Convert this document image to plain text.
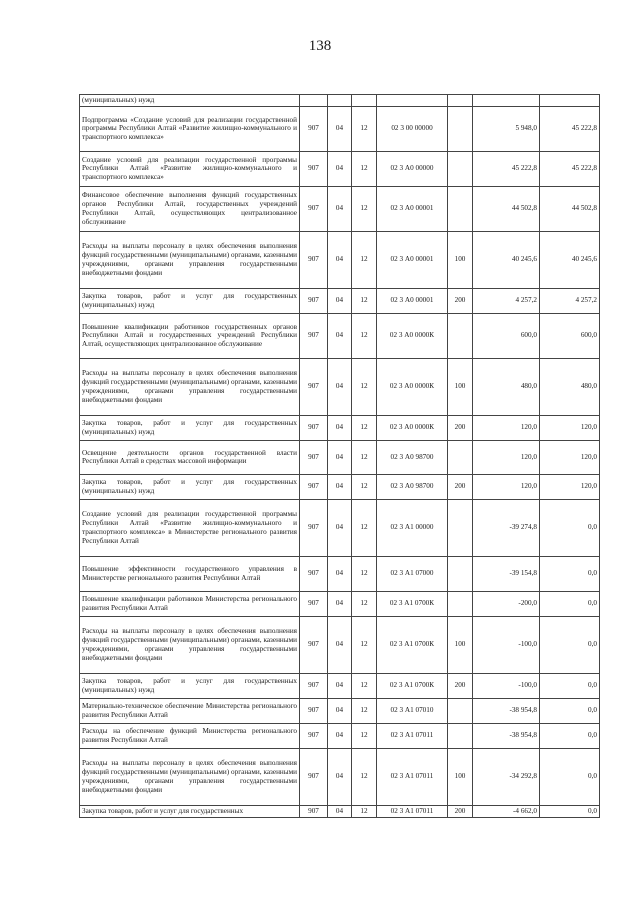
138
(муниципальных) нужд							
Подпрограмма «Создание условий для реализации государственной программы Республики Алтай «Развитие жилищно-коммунального и транспортного комплекса»	907	04	12	02 3 00 00000		5 948,0	45 222,8
Создание условий для реализации государственной программы Республики Алтай «Развитие жилищно-коммунального и транспортного комплекса»	907	04	12	02 3 А0 00000		45 222,8	45 222,8
Финансовое обеспечение выполнения функций государственных органов Республики Алтай, государственных учреждений Республики Алтай, осуществляющих централизованное обслуживание	907	04	12	02 3 А0 00001		44 502,8	44 502,8
Расходы на выплаты персоналу в целях обеспечения выполнения функций государственными (муниципальными) органами, казенными учреждениями, органами управления государственными внебюджетными фондами	907	04	12	02 3 А0 00001	100	40 245,6	40 245,6
Закупка товаров, работ и услуг для государственных (муниципальных) нужд	907	04	12	02 3 А0 00001	200	4 257,2	4 257,2
Повышение квалификации работников государственных органов Республики Алтай и государственных учреждений Республики Алтай, осуществляющих централизованное обслуживание	907	04	12	02 3 А0 0000К		600,0	600,0
Расходы на выплаты персоналу в целях обеспечения выполнения функций государственными (муниципальными) органами, казенными учреждениями, органами управления государственными внебюджетными фондами	907	04	12	02 3 А0 0000К	100	480,0	480,0
Закупка товаров, работ и услуг для государственных (муниципальных) нужд	907	04	12	02 3 А0 0000К	200	120,0	120,0
Освещение деятельности органов государственной власти Республики Алтай в средствах массовой информации	907	04	12	02 3 А0 98700		120,0	120,0
Закупка товаров, работ и услуг для государственных (муниципальных) нужд	907	04	12	02 3 А0 98700	200	120,0	120,0
Создание условий для реализации государственной программы Республики Алтай «Развитие жилищно-коммунального и транспортного комплекса» в Министерстве регионального развития Республики Алтай	907	04	12	02 3 А1 00000		-39 274,8	0,0
Повышение эффективности государственного управления в Министерстве регионального развития Республики Алтай	907	04	12	02 3 А1 07000		-39 154,8	0,0
Повышение квалификации работников Министерства регионального развития Республики Алтай	907	04	12	02 3 А1 0700К		-200,0	0,0
Расходы на выплаты персоналу в целях обеспечения выполнения функций государственными (муниципальными) органами, казенными учреждениями, органами управления государственными внебюджетными фондами	907	04	12	02 3 А1 0700К	100	-100,0	0,0
Закупка товаров, работ и услуг для государственных (муниципальных) нужд	907	04	12	02 3 А1 0700К	200	-100,0	0,0
Материально-техническое обеспечение Министерства регионального развития Республики Алтай	907	04	12	02 3 А1 07010		-38 954,8	0,0
Расходы на обеспечение функций Министерства регионального развития Республики Алтай	907	04	12	02 3 А1 07011		-38 954,8	0,0
Расходы на выплаты персоналу в целях обеспечения выполнения функций государственными (муниципальными) органами, казенными учреждениями, органами управления государственными внебюджетными фондами	907	04	12	02 3 А1 07011	100	-34 292,8	0,0
Закупка товаров, работ и услуг для государственных	907	04	12	02 3 А1 07011	200	-4 662,0	0,0
